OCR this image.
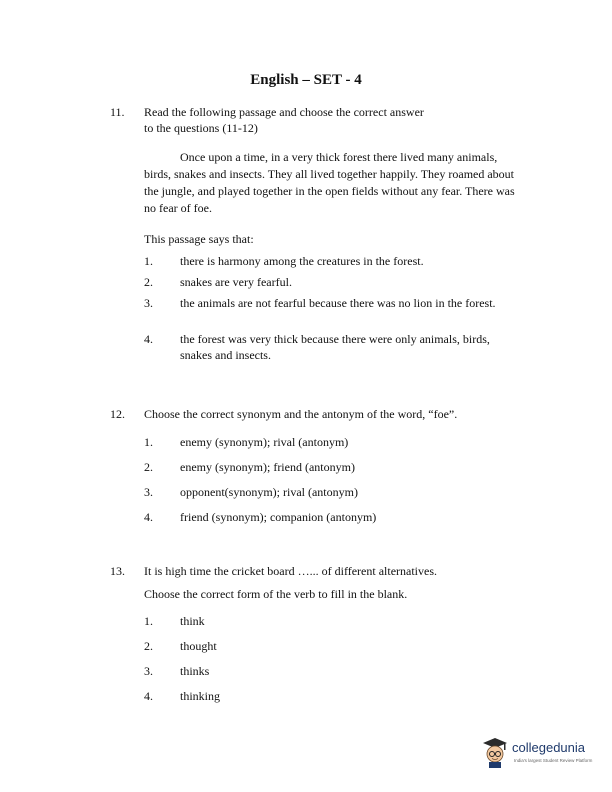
English – SET - 4
11. Read the following passage and choose the correct answer
to the questions (11-12)

Once upon a time, in a very thick forest there lived many animals, birds, snakes and insects. They all lived together happily. They roamed about the jungle, and played together in the open fields without any fear. There was no fear of foe.

This passage says that:
1. there is harmony among the creatures in the forest.
2. snakes are very fearful.
3. the animals are not fearful because there was no lion in the forest.
4. the forest was very thick because there were only animals, birds, snakes and insects.
12. Choose the correct synonym and the antonym of the word, “foe”.
1. enemy (synonym); rival (antonym)
2. enemy (synonym); friend (antonym)
3. opponent(synonym); rival (antonym)
4. friend (synonym); companion (antonym)
13. It is high time the cricket board …... of different alternatives.
Choose the correct form of the verb to fill in the blank.
1. think
2. thought
3. thinks
4. thinking
collegedunia
India's largest Student Review Platform
